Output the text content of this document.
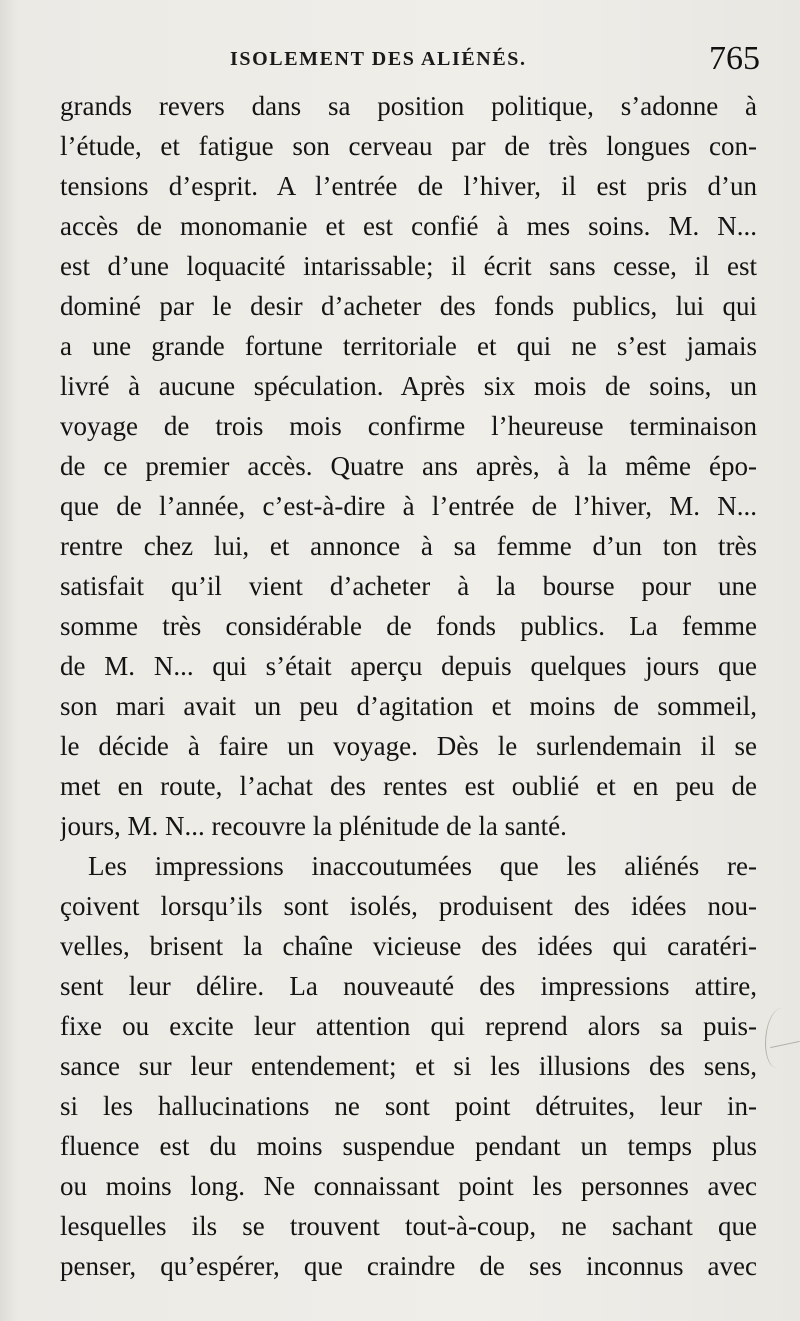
ISOLEMENT DES ALIÉNÉS.	765
grands revers dans sa position politique, s’adonne à
l’étude, et fatigue son cerveau par de très longues con-
tensions d’esprit. A l’entrée de l’hiver, il est pris d’un
accès de monomanie et est confié à mes soins. M. N...
est d’une loquacité intarissable; il écrit sans cesse, il est
dominé par le desir d’acheter des fonds publics, lui qui
a une grande fortune territoriale et qui ne s’est jamais
livré à aucune spéculation. Après six mois de soins, un
voyage de trois mois confirme l’heureuse terminaison
de ce premier accès. Quatre ans après, à la même épo-
que de l’année, c’est-à-dire à l’entrée de l’hiver, M. N...
rentre chez lui, et annonce à sa femme d’un ton très
satisfait qu’il vient d’acheter à la bourse pour une
somme très considérable de fonds publics. La femme
de M. N... qui s’était aperçu depuis quelques jours que
son mari avait un peu d’agitation et moins de sommeil,
le décide à faire un voyage. Dès le surlendemain il se
met en route, l’achat des rentes est oublié et en peu de
jours, M. N... recouvre la plénitude de la santé.
Les impressions inaccoutumées que les aliénés re-
çoivent lorsqu’ils sont isolés, produisent des idées nou-
velles, brisent la chaîne vicieuse des idées qui caratéri-
sent leur délire. La nouveauté des impressions attire,
fixe ou excite leur attention qui reprend alors sa puis-
sance sur leur entendement; et si les illusions des sens,
si les hallucinations ne sont point détruites, leur in-
fluence est du moins suspendue pendant un temps plus
ou moins long. Ne connaissant point les personnes avec
lesquelles ils se trouvent tout-à-coup, ne sachant que
penser, qu’espérer, que craindre de ses inconnus avec
